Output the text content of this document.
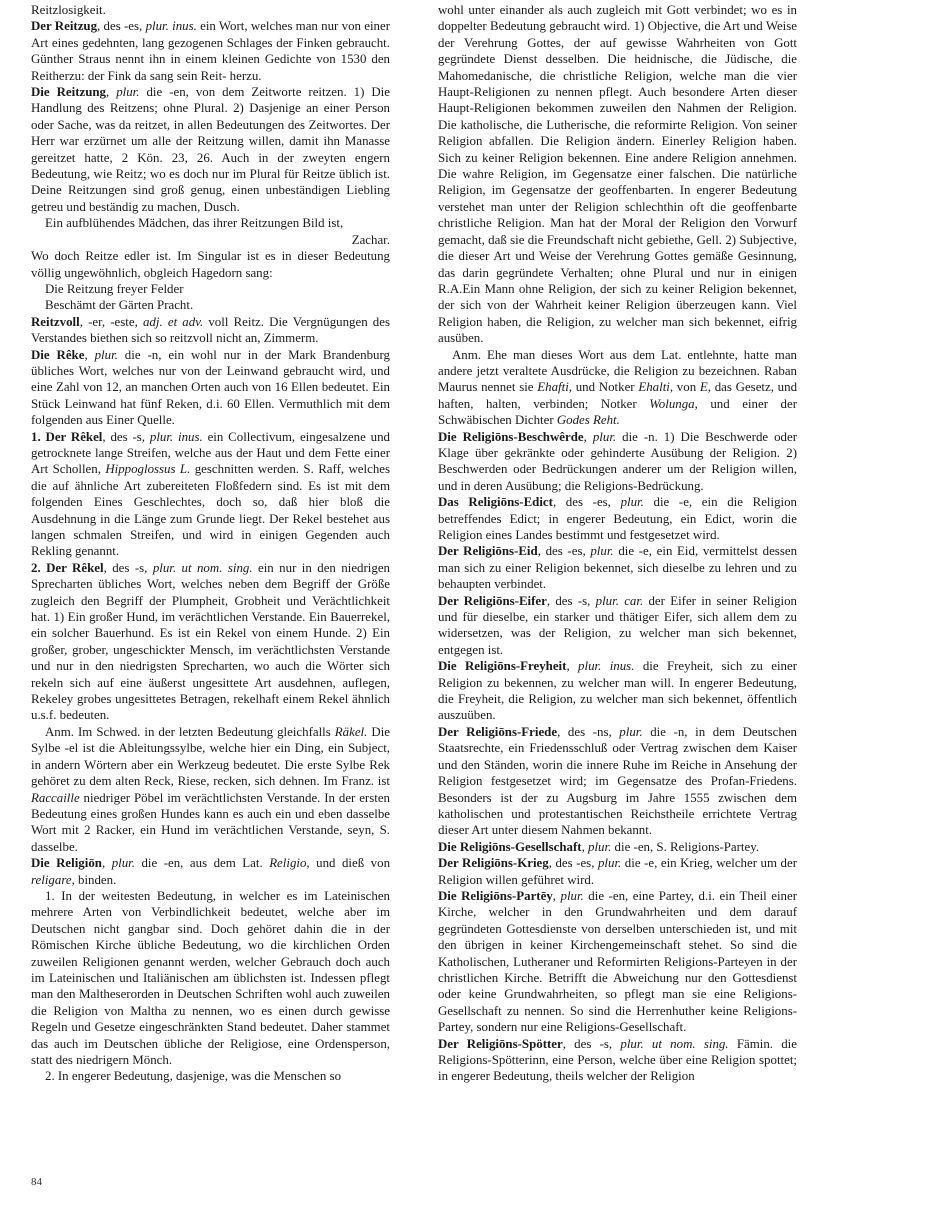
Reitzlosigkeit.

Der Reitzug, des -es, plur. inus. ein Wort, welches man nur von einer Art eines gedehnten, lang gezogenen Schlages der Finken gebraucht. Günther Straus nennt ihn in einem kleinen Gedichte von 1530 den Reitherzu: der Fink da sang sein Reit- herzu.

Die Reitzung, plur. die -en, von dem Zeitworte reitzen. 1) Die Handlung des Reitzens; ohne Plural. 2) Dasjenige an einer Person oder Sache, was da reitzet, in allen Bedeutungen des Zeitwortes. Der Herr war erzürnet um alle der Reitzung willen, damit ihn Manasse gereitzet hatte, 2 Kön. 23, 26. Auch in der zweyten engern Bedeutung, wie Reitz; wo es doch nur im Plural für Reitze üblich ist. Deine Reitzungen sind groß genug, einen unbeständigen Liebling getreu und beständig zu machen, Dusch.

Ein aufblühendes Mädchen, das ihrer Reitzungen Bild ist,

Zachar.

Wo doch Reitze edler ist. Im Singular ist es in dieser Bedeutung völlig ungewöhnlich, obgleich Hagedorn sang:

Die Reitzung freyer Felder

Beschämt der Gärten Pracht.

Reitzvoll, -er, -este, adj. et adv. voll Reitz. Die Vergnügungen des Verstandes biethen sich so reitzvoll nicht an, Zimmerm.

Die Rêke, plur. die -n, ein wohl nur in der Mark Brandenburg übliches Wort, welches nur von der Leinwand gebraucht wird, und eine Zahl von 12, an manchen Orten auch von 16 Ellen bedeutet. Ein Stück Leinwand hat fünf Reken, d.i. 60 Ellen. Vermuthlich mit dem folgenden aus Einer Quelle.

1. Der Rêkel, des -s, plur. inus. ein Collectivum, eingesalzene und getrocknete lange Streifen, welche aus der Haut und dem Fette einer Art Schollen, Hippoglossus L. geschnitten werden. S. Raff, welches die auf ähnliche Art zubereiteten Floßfedern sind. Es ist mit dem folgenden Eines Geschlechtes, doch so, daß hier bloß die Ausdehnung in die Länge zum Grunde liegt. Der Rekel bestehet aus langen schmalen Streifen, und wird in einigen Gegenden auch Rekling genannt.

2. Der Rêkel, des -s, plur. ut nom. sing. ein nur in den niedrigen Sprecharten übliches Wort, welches neben dem Begriff der Größe zugleich den Begriff der Plumpheit, Grobheit und Verächtlichkeit hat. 1) Ein großer Hund, im verächtlichen Verstande. Ein Bauerrekel, ein solcher Bauerhund. Es ist ein Rekel von einem Hunde. 2) Ein großer, grober, ungeschickter Mensch, im verächtlichsten Verstande und nur in den niedrigsten Sprecharten, wo auch die Wörter sich rekeln sich auf eine äußerst ungesittete Art ausdehnen, auflegen, Rekeley grobes ungesittetes Betragen, rekelhaft einem Rekel ähnlich u.s.f. bedeuten.

Anm. Im Schwed. in der letzten Bedeutung gleichfalls Räkel. Die Sylbe -el ist die Ableitungssylbe, welche hier ein Ding, ein Subject, in andern Wörtern aber ein Werkzeug bedeutet. Die erste Sylbe Rek gehöret zu dem alten Reck, Riese, recken, sich dehnen. Im Franz. ist Raccaille niedriger Pöbel im verächtlichsten Verstande. In der ersten Bedeutung eines großen Hundes kann es auch ein und eben dasselbe Wort mit 2 Racker, ein Hund im verächtlichen Verstande, seyn, S. dasselbe.

Die Religiōn, plur. die -en, aus dem Lat. Religio, und dieß von religare, binden.

1. In der weitesten Bedeutung, in welcher es im Lateinischen mehrere Arten von Verbindlichkeit bedeutet, welche aber im Deutschen nicht gangbar sind. Doch gehöret dahin die in der Römischen Kirche übliche Bedeutung, wo die kirchlichen Orden zuweilen Religionen genannt werden, welcher Gebrauch doch auch im Lateinischen und Italiänischen am üblichsten ist. Indessen pflegt man den Maltheserorden in Deutschen Schriften wohl auch zuweilen die Religion von Maltha zu nennen, wo es einen durch gewisse Regeln und Gesetze eingeschränkten Stand bedeutet. Daher stammet das auch im Deutschen übliche der Religiose, eine Ordensperson, statt des niedrigern Mönch.

2. In engerer Bedeutung, dasjenige, was die Menschen so

wohl unter einander als auch zugleich mit Gott verbindet; wo es in doppelter Bedeutung gebraucht wird. 1) Objective, die Art und Weise der Verehrung Gottes, der auf gewisse Wahrheiten von Gott gegründete Dienst desselben. Die heidnische, die Jüdische, die Mahomedanische, die christliche Religion, welche man die vier Haupt-Religionen zu nennen pflegt. Auch besondere Arten dieser Haupt-Religionen bekommen zuweilen den Nahmen der Religion. Die katholische, die Lutherische, die reformirte Religion. Von seiner Religion abfallen. Die Religion ändern. Einerley Religion haben. Sich zu keiner Religion bekennen. Eine andere Religion annehmen. Die wahre Religion, im Gegensatze einer falschen. Die natürliche Religion, im Gegensatze der geoffenbarten. In engerer Bedeutung verstehet man unter der Religion schlechthin oft die geoffenbarte christliche Religion. Man hat der Moral der Religion den Vorwurf gemacht, daß sie die Freundschaft nicht gebiethe, Gell. 2) Subjective, die dieser Art und Weise der Verehrung Gottes gemäße Gesinnung, das darin gegründete Verhalten; ohne Plural und nur in einigen R.A.Ein Mann ohne Religion, der sich zu keiner Religion bekennet, der sich von der Wahrheit keiner Religion überzeugen kann. Viel Religion haben, die Religion, zu welcher man sich bekennet, eifrig ausüben.

Anm. Ehe man dieses Wort aus dem Lat. entlehnte, hatte man andere jetzt veraltete Ausdrücke, die Religion zu bezeichnen. Raban Maurus nennet sie Ehafti, und Notker Ehalti, von E, das Gesetz, und haften, halten, verbinden; Notker Wolunga, und einer der Schwäbischen Dichter Godes Reht.

Die Religiōns-Beschwêrde, plur. die -n. 1) Die Beschwerde oder Klage über gekränkte oder gehinderte Ausübung der Religion. 2) Beschwerden oder Bedrückungen anderer um der Religion willen, und in deren Ausübung; die Religions-Bedrückung.

Das Religiōns-Edict, des -es, plur. die -e, ein die Religion betreffendes Edict; in engerer Bedeutung, ein Edict, worin die Religion eines Landes bestimmt und festgesetzet wird.

Der Religiōns-Eid, des -es, plur. die -e, ein Eid, vermittelst dessen man sich zu einer Religion bekennet, sich dieselbe zu lehren und zu behaupten verbindet.

Der Religiōns-Eifer, des -s, plur. car. der Eifer in seiner Religion und für dieselbe, ein starker und thätiger Eifer, sich allem dem zu widersetzen, was der Religion, zu welcher man sich bekennet, entgegen ist.

Die Religiōns-Freyheit, plur. inus. die Freyheit, sich zu einer Religion zu bekennen, zu welcher man will. In engerer Bedeutung, die Freyheit, die Religion, zu welcher man sich bekennet, öffentlich auszuüben.

Der Religiōns-Friede, des -ns, plur. die -n, in dem Deutschen Staatsrechte, ein Friedensschluß oder Vertrag zwischen dem Kaiser und den Ständen, worin die innere Ruhe im Reiche in Ansehung der Religion festgesetzet wird; im Gegensatze des Profan-Friedens. Besonders ist der zu Augsburg im Jahre 1555 zwischen dem katholischen und protestantischen Reichstheile errichtete Vertrag dieser Art unter diesem Nahmen bekannt.

Die Religiōns-Gesellschaft, plur. die -en, S. Religions-Partey.

Der Religiōns-Krieg, des -es, plur. die -e, ein Krieg, welcher um der Religion willen geführet wird.

Die Religiōns-Partēy, plur. die -en, eine Partey, d.i. ein Theil einer Kirche, welcher in den Grundwahrheiten und dem darauf gegründeten Gottesdienste von derselben unterschieden ist, und mit den übrigen in keiner Kirchengemeinschaft stehet. So sind die Katholischen, Lutheraner und Reformirten Religions-Parteyen in der christlichen Kirche. Betrifft die Abweichung nur den Gottesdienst oder keine Grundwahrheiten, so pflegt man sie eine Religions-Gesellschaft zu nennen. So sind die Herrenhuther keine Religions-Partey, sondern nur eine Religions-Gesellschaft.

Der Religiōns-Spötter, des -s, plur. ut nom. sing. Fämin. die Religions-Spötterinn, eine Person, welche über eine Religion spottet; in engerer Bedeutung, theils welcher der Religion

84
